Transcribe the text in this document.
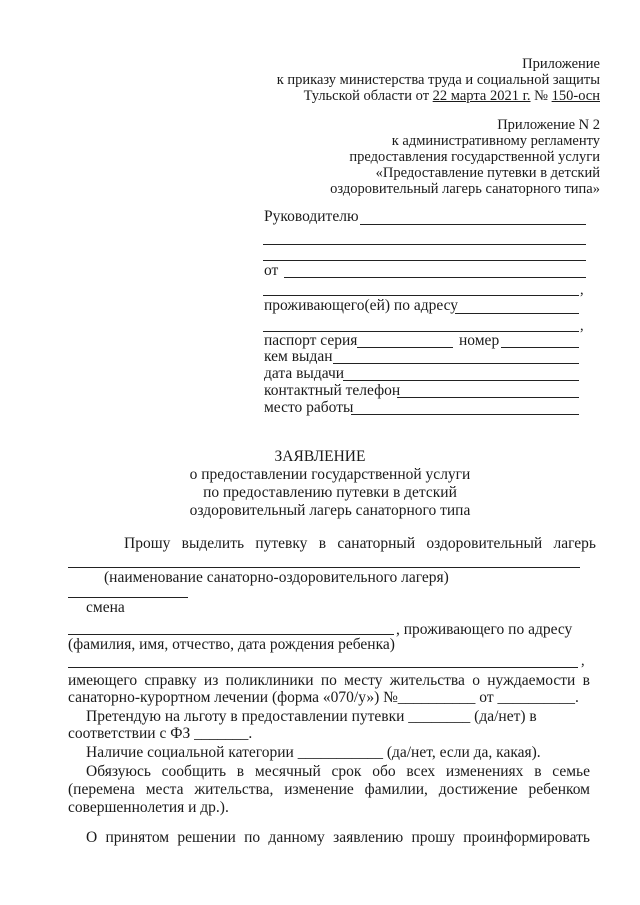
Приложение
к приказу министерства труда и социальной защиты
Тульской области от 22 марта 2021 г. № 150-осн
Приложение N 2
к административному регламенту
предоставления государственной услуги
«Предоставление путевки в детский
оздоровительный лагерь санаторного типа»
Руководителю
от
,
проживающего(ей) по адресу
,
паспорт серия	номер
кем выдан
дата выдачи
контактный телефон
место работы
ЗАЯВЛЕНИЕ
о предоставлении государственной услуги
по предоставлению путевки в детский
оздоровительный лагерь санаторного типа
Прошу выделить путевку в санаторный оздоровительный лагерь
(наименование санаторно-оздоровительного лагеря)
смена
, проживающего по адресу
(фамилия, имя, отчество, дата рождения ребенка)
,
имеющего справку из поликлиники по месту жительства о нуждаемости в
санаторно-курортном лечении (форма «070/у») №__________ от __________.
Претендую на льготу в предоставлении путевки ________ (да/нет) в
соответствии с ФЗ _______.
Наличие социальной категории ___________ (да/нет, если да, какая).
Обязуюсь сообщить в месячный срок обо всех изменениях в семье
(перемена места жительства, изменение фамилии, достижение ребенком
совершеннолетия и др.).
О принятом решении по данному заявлению прошу проинформировать
